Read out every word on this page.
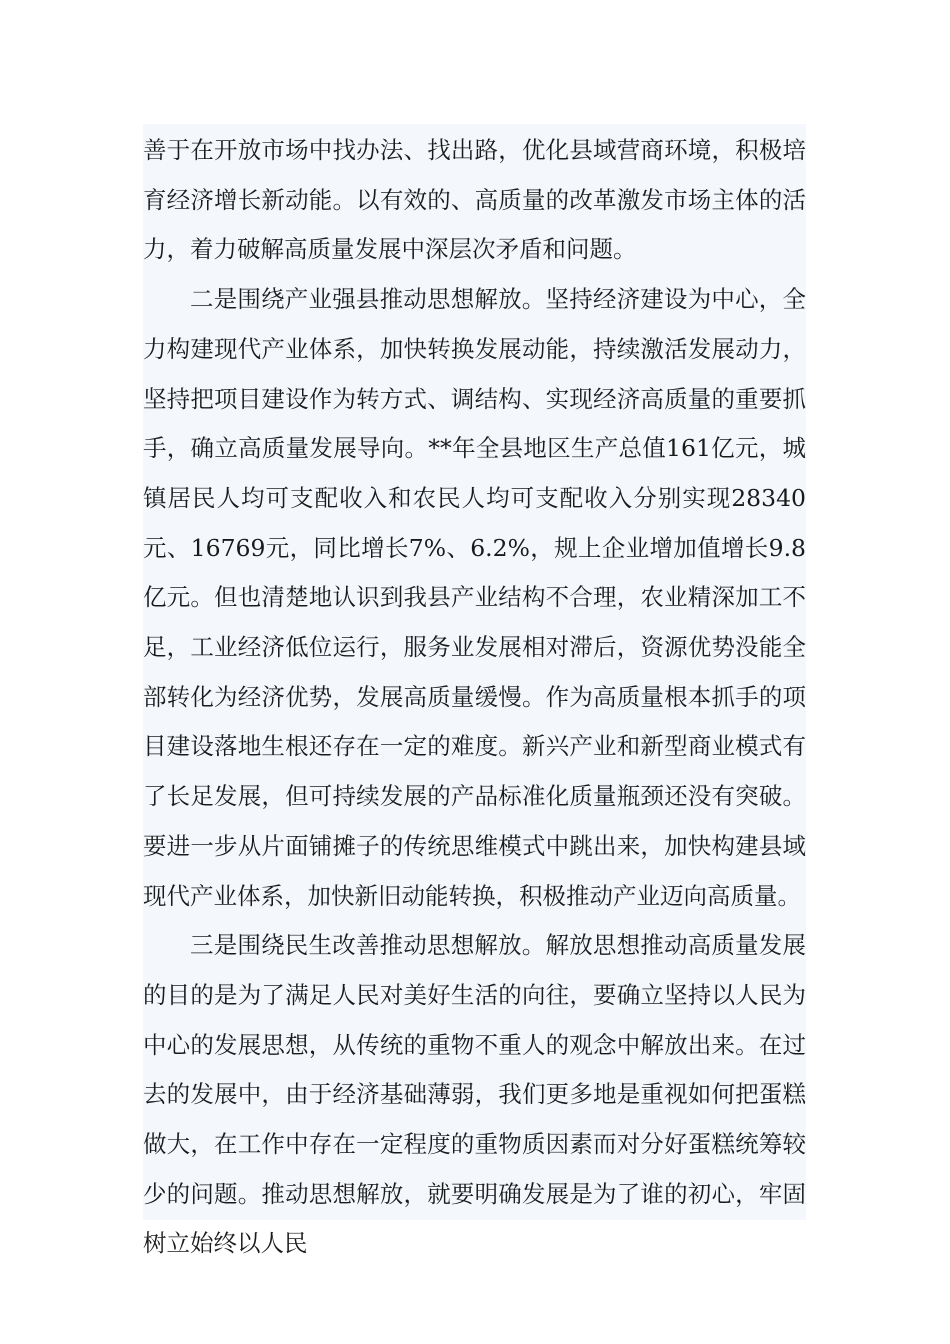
善于在开放市场中找办法、找出路，优化县域营商环境，积极培育经济增长新动能。以有效的、高质量的改革激发市场主体的活力，着力破解高质量发展中深层次矛盾和问题。

二是围绕产业强县推动思想解放。坚持经济建设为中心，全力构建现代产业体系，加快转换发展动能，持续激活发展动力，坚持把项目建设作为转方式、调结构、实现经济高质量的重要抓手，确立高质量发展导向。**年全县地区生产总值161亿元，城镇居民人均可支配收入和农民人均可支配收入分别实现28340元、16769元，同比增长7%、6.2%，规上企业增加值增长9.8亿元。但也清楚地认识到我县产业结构不合理，农业精深加工不足，工业经济低位运行，服务业发展相对滞后，资源优势没能全部转化为经济优势，发展高质量缓慢。作为高质量根本抓手的项目建设落地生根还存在一定的难度。新兴产业和新型商业模式有了长足发展，但可持续发展的产品标准化质量瓶颈还没有突破。要进一步从片面铺摊子的传统思维模式中跳出来，加快构建县域现代产业体系，加快新旧动能转换，积极推动产业迈向高质量。

三是围绕民生改善推动思想解放。解放思想推动高质量发展的目的是为了满足人民对美好生活的向往，要确立坚持以人民为中心的发展思想，从传统的重物不重人的观念中解放出来。在过去的发展中，由于经济基础薄弱，我们更多地是重视如何把蛋糕做大，在工作中存在一定程度的重物质因素而对分好蛋糕统筹较少的问题。推动思想解放，就要明确发展是为了谁的初心，牢固树立始终以人民
